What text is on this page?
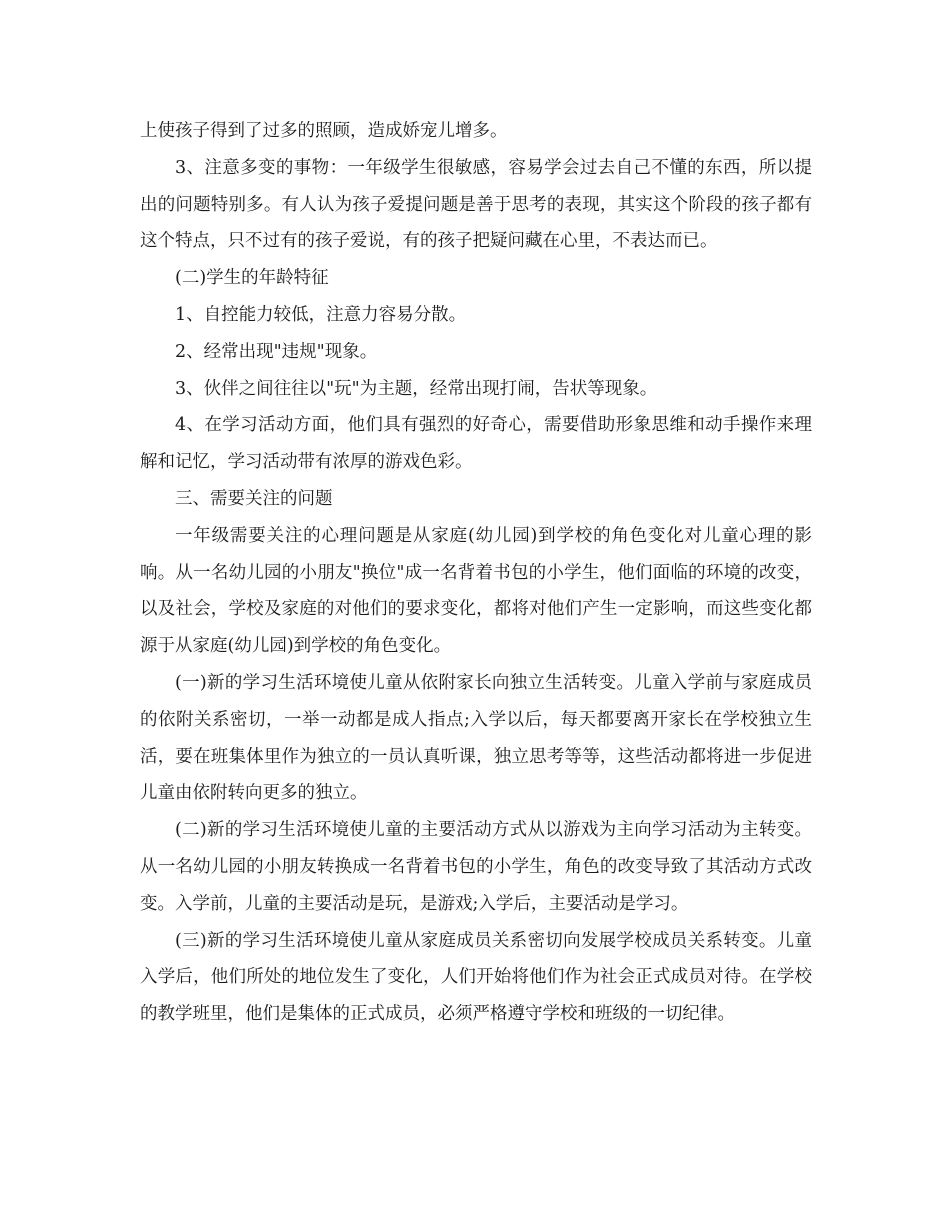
上使孩子得到了过多的照顾，造成娇宠儿增多。

3、注意多变的事物：一年级学生很敏感，容易学会过去自己不懂的东西，所以提出的问题特别多。有人认为孩子爱提问题是善于思考的表现，其实这个阶段的孩子都有这个特点，只不过有的孩子爱说，有的孩子把疑问藏在心里，不表达而已。

(二)学生的年龄特征

1、自控能力较低，注意力容易分散。

2、经常出现"违规"现象。

3、伙伴之间往往以"玩"为主题，经常出现打闹，告状等现象。

4、在学习活动方面，他们具有强烈的好奇心，需要借助形象思维和动手操作来理解和记忆，学习活动带有浓厚的游戏色彩。

三、需要关注的问题

一年级需要关注的心理问题是从家庭(幼儿园)到学校的角色变化对儿童心理的影响。从一名幼儿园的小朋友"换位"成一名背着书包的小学生，他们面临的环境的改变，以及社会，学校及家庭的对他们的要求变化，都将对他们产生一定影响，而这些变化都源于从家庭(幼儿园)到学校的角色变化。

(一)新的学习生活环境使儿童从依附家长向独立生活转变。儿童入学前与家庭成员的依附关系密切，一举一动都是成人指点;入学以后，每天都要离开家长在学校独立生活，要在班集体里作为独立的一员认真听课，独立思考等等，这些活动都将进一步促进儿童由依附转向更多的独立。

(二)新的学习生活环境使儿童的主要活动方式从以游戏为主向学习活动为主转变。从一名幼儿园的小朋友转换成一名背着书包的小学生，角色的改变导致了其活动方式改变。入学前，儿童的主要活动是玩，是游戏;入学后，主要活动是学习。

(三)新的学习生活环境使儿童从家庭成员关系密切向发展学校成员关系转变。儿童入学后，他们所处的地位发生了变化，人们开始将他们作为社会正式成员对待。在学校的教学班里，他们是集体的正式成员，必须严格遵守学校和班级的一切纪律。
